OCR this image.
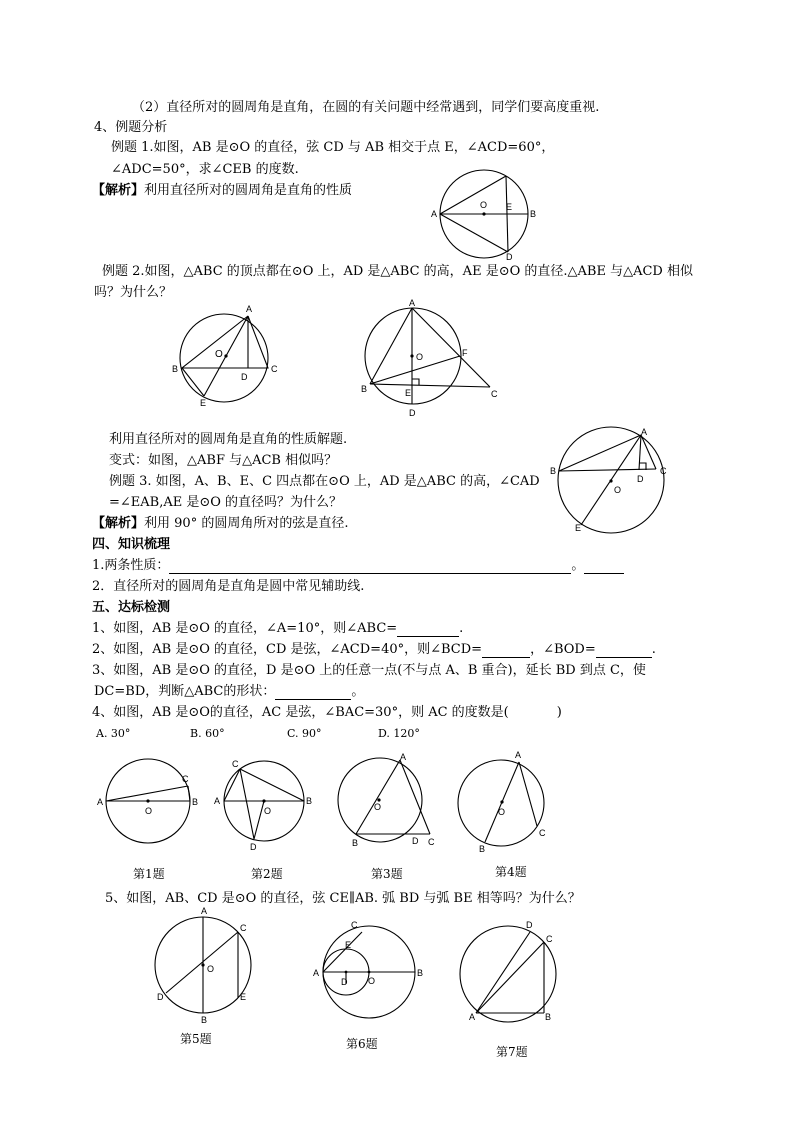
（2）直径所对的圆周角是直角，在圆的有关问题中经常遇到，同学们要高度重视.
4、例题分析
例题 1.如图，AB 是⊙O 的直径，弦 CD 与 AB 相交于点 E，∠ACD=60°，
∠ADC=50°，求∠CEB 的度数.
【解析】利用直径所对的圆周角是直角的性质
例题 2.如图，△ABC 的顶点都在⊙O 上，AD 是△ABC 的高，AE 是⊙O 的直径.△ABE 与△ACD 相似
吗？为什么？
利用直径所对的圆周角是直角的性质解题.
变式：如图，△ABF 与△ACB 相似吗？
例题 3. 如图，A、B、E、C 四点都在⊙O 上，AD 是△ABC 的高，∠CAD
=∠EAB,AE 是⊙O 的直径吗？为什么？
【解析】利用 90° 的圆周角所对的弦是直径.
四、知识梳理
1.两条性质：	。
2．直径所对的圆周角是直角是圆中常见辅助线.
五、达标检测
1、如图，AB 是⊙O 的直径，∠A=10°，则∠ABC=	.
2、如图，AB 是⊙O 的直径，CD 是弦，∠ACD=40°，则∠BCD=	，∠BOD=	.
3、如图，AB 是⊙O 的直径，D 是⊙O 上的任意一点(不与点 A、B 重合)，延长 BD 到点 C，使
DC=BD，判断△ABC的形状：	。
4、如图，AB 是⊙O的直径，AC 是弦，∠BAC=30°，则 AC 的度数是(	)
A. 30°	B. 60°	C. 90°	D. 120°
5、如图，AB、CD 是⊙O 的直径，弦 CE∥AB. 弧 BD 与弧 BE 相等吗？为什么？
A	B
O E
D
A
B	C
D
E
O
A
B	C
F
E
D
O
A
B	C
D
E
O
A	B
C
O
第1题
C
A	B
D
O
第2题
A
B	C
D
O
第3题
A
B
C
O
第4题
A
B
C
D	E
O
第5题
C
E
A	B
D O
第6题
D
C
A	B
第7题
